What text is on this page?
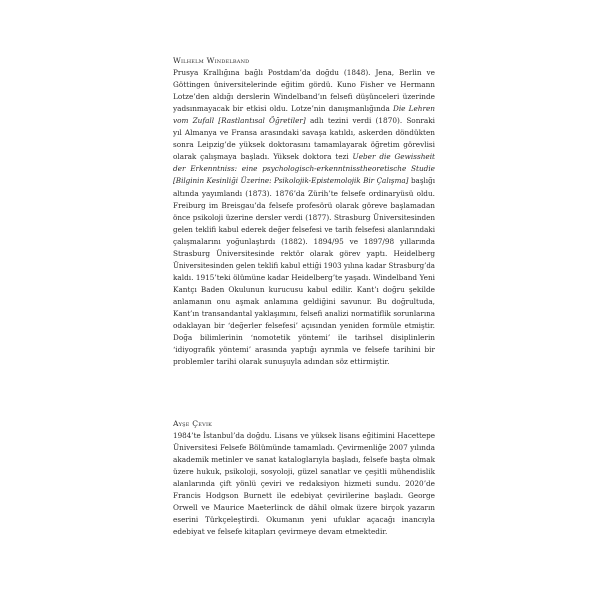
Wilhelm Windelband
Prusya Krallığına bağlı Postdam’da doğdu (1848). Jena, Berlin ve
Göttingen üniversitelerinde eğitim gördü. Kuno Fisher ve Hermann
Lotze’den aldığı derslerin Windelband’ın felsefi düşünceleri üzerinde
yadsınmayacak bir etkisi oldu. Lotze’nin danışmanlığında Die Lehren
vom Zufall [Rastlantısal Öğretiler] adlı tezini verdi (1870). Sonraki
yıl Almanya ve Fransa arasındaki savaşa katıldı, askerden döndükten
sonra Leipzig’de yüksek doktorasını tamamlayarak öğretim görevlisi
olarak çalışmaya başladı. Yüksek doktora tezi Ueber die Gewissheit
der Erkenntniss: eine psychologisch-erkenntnisstheoretische Studie
[Bilginin Kesinliği Üzerine: Psikolojik-Epistemolojik Bir Çalışma] başlığı
altında yayımlandı (1873). 1876’da Zürih’te felsefe ordinaryüsü oldu.
Freiburg im Breisgau’da felsefe profesörü olarak göreve başlamadan
önce psikoloji üzerine dersler verdi (1877). Strasburg Üniversitesinden
gelen teklifi kabul ederek değer felsefesi ve tarih felsefesi alanlarındaki
çalışmalarını yoğunlaştırdı (1882). 1894/95 ve 1897/98 yıllarında
Strasburg Üniversitesinde rektör olarak görev yaptı. Heidelberg
Üniversitesinden gelen teklifi kabul ettiği 1903 yılına kadar Strasburg’da
kaldı. 1915’teki ölümüne kadar Heidelberg’te yaşadı. Windelband Yeni
Kantçı Baden Okulunun kurucusu kabul edilir. Kant’ı doğru şekilde
anlamanın onu aşmak anlamına geldiğini savunur. Bu doğrultuda,
Kant’ın transandantal yaklaşımını, felsefi analizi normatiflik sorunlarına
odaklayan bir ‘değerler felsefesi’ açısından yeniden formüle etmiştir.
Doğa bilimlerinin ‘nomotetik yöntemi’ ile tarihsel disiplinlerin
‘idiyografik yöntemi’ arasında yaptığı ayrımla ve felsefe tarihini bir
problemler tarihi olarak sunuşuyla adından söz ettirmiştir.
Ayşe Çevik
1984’te İstanbul’da doğdu. Lisans ve yüksek lisans eğitimini Hacettepe
Üniversitesi Felsefe Bölümünde tamamladı. Çevirmenliğe 2007 yılında
akademik metinler ve sanat kataloglarıyla başladı, felsefe başta olmak
üzere hukuk, psikoloji, sosyoloji, güzel sanatlar ve çeşitli mühendislik
alanlarında çift yönlü çeviri ve redaksiyon hizmeti sundu. 2020’de
Francis Hodgson Burnett ile edebiyat çevirilerine başladı. George
Orwell ve Maurice Maeterlinck de dâhil olmak üzere birçok yazarın
eserini Türkçeleştirdi. Okumanın yeni ufuklar açacağı inancıyla
edebiyat ve felsefe kitapları çevirmeye devam etmektedir.
